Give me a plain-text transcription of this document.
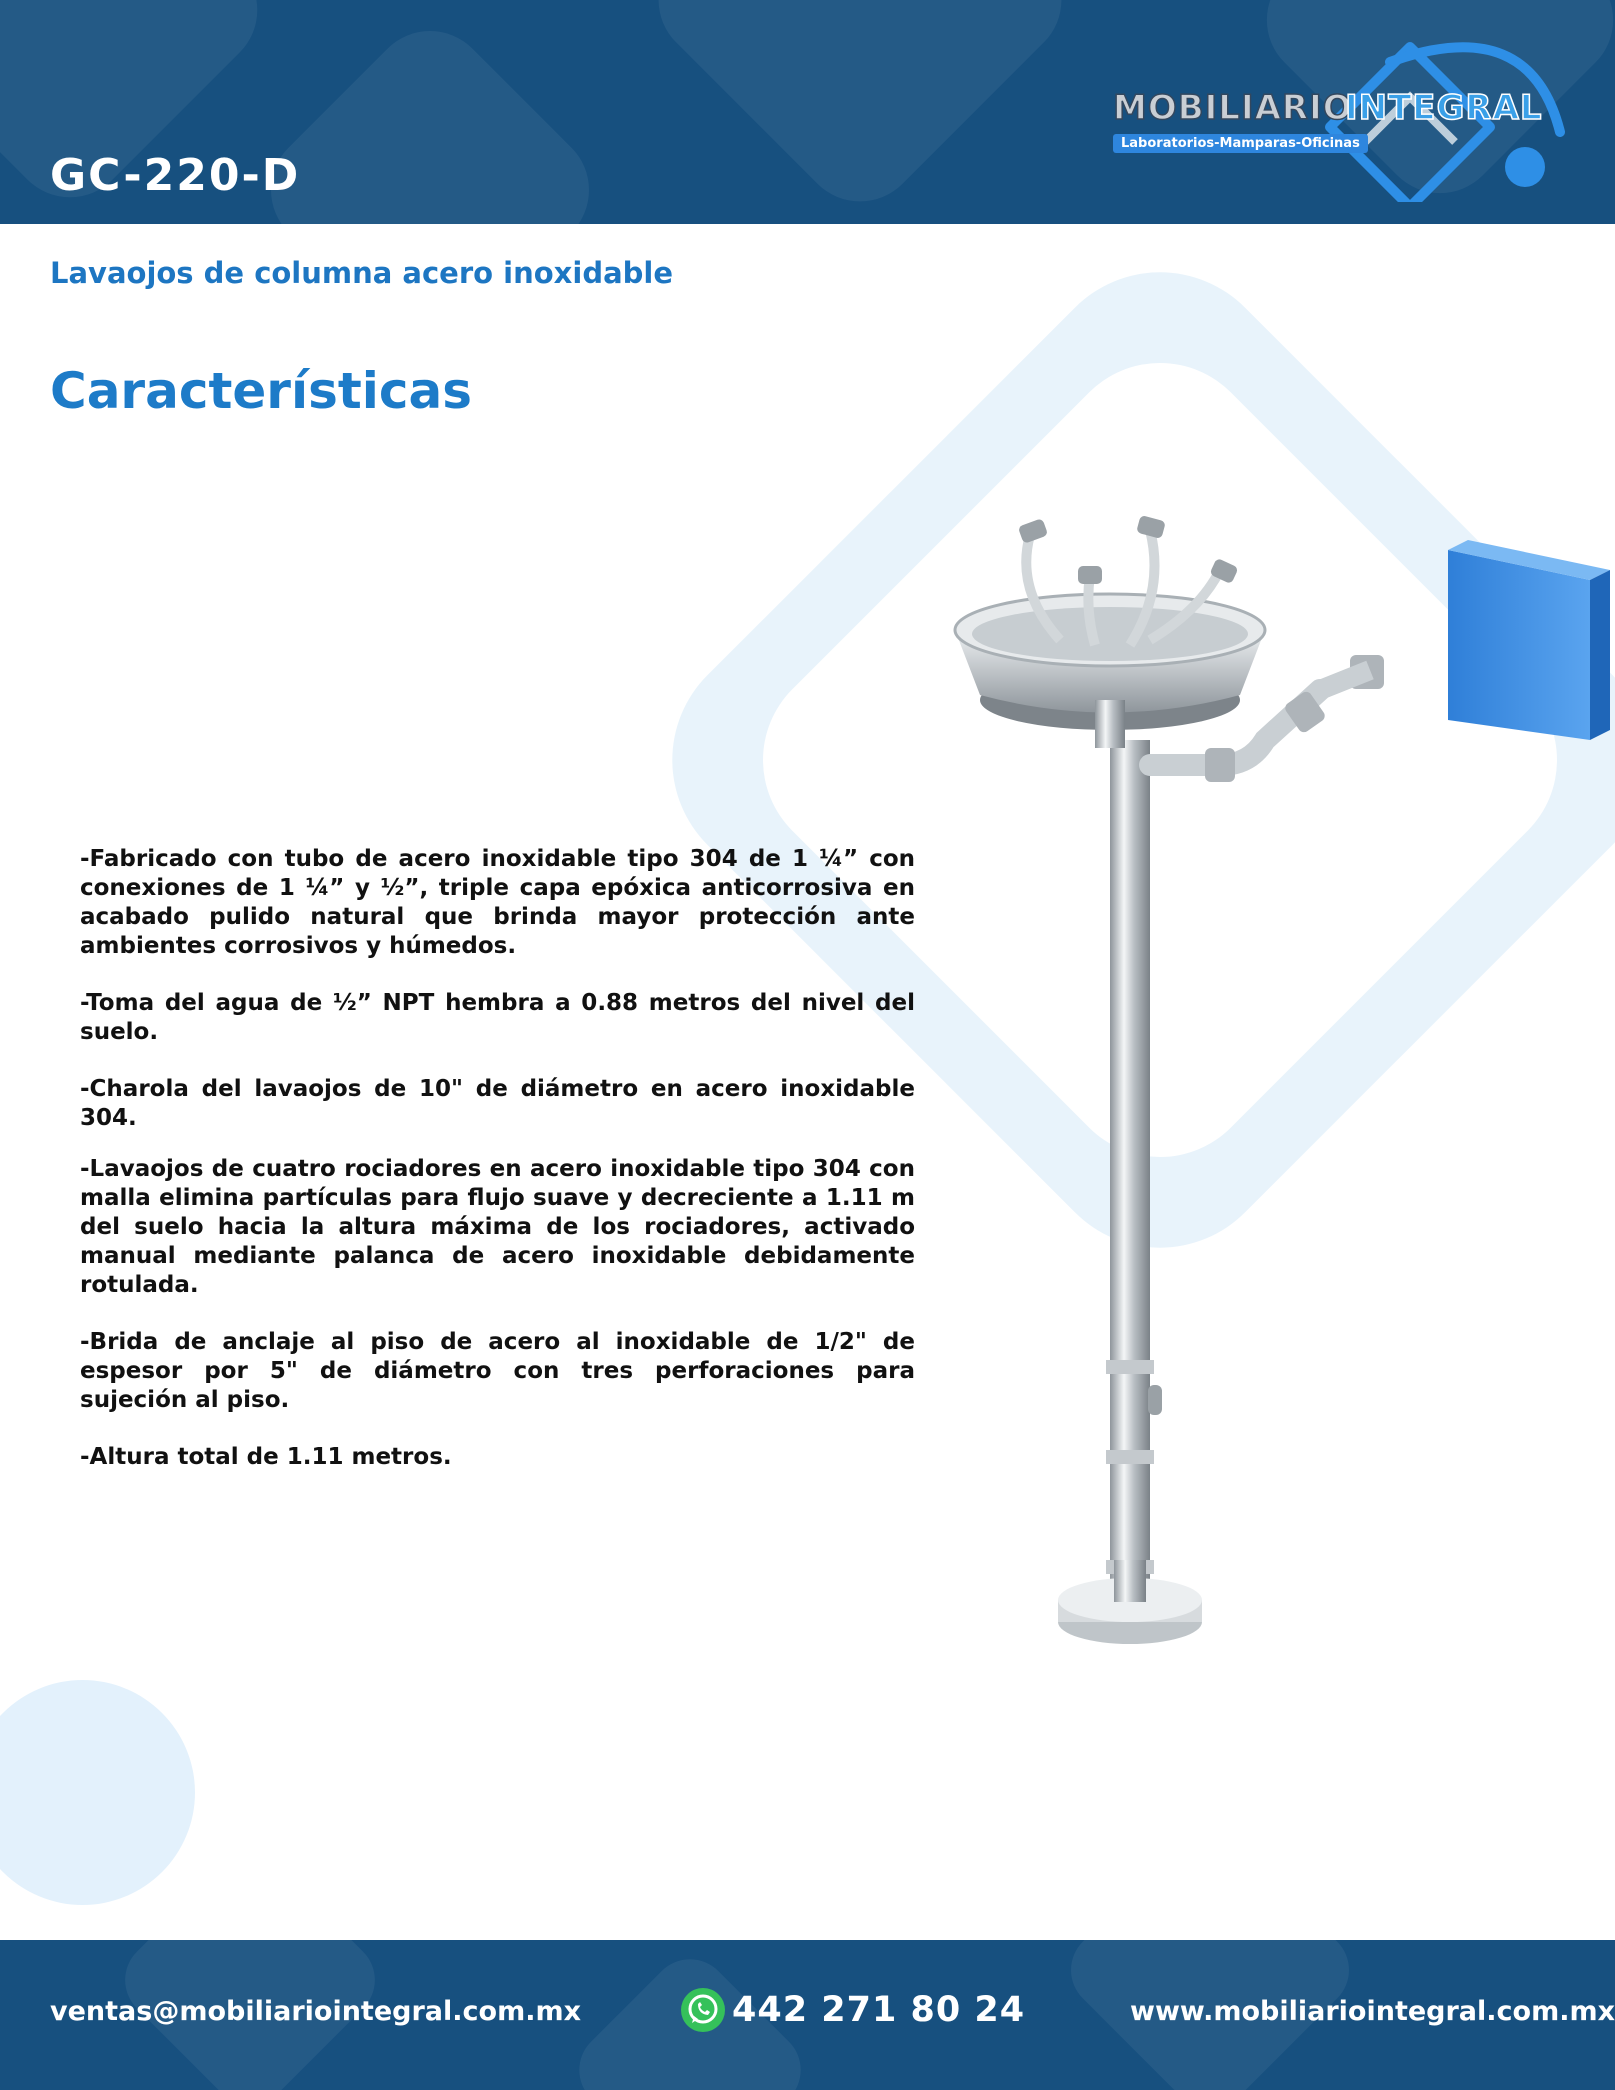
GC-220-D
MOBILIARIO
INTEGRAL
Laboratorios-Mamparas-Oficinas
Lavaojos de columna acero inoxidable
Características

-Fabricado con tubo de acero inoxidable tipo 304 de 1 ¼” con conexiones de 1 ¼” y ½”, triple capa epóxica anticorrosiva en acabado pulido natural que brinda mayor protección ante ambientes corrosivos y húmedos.

-Toma del agua de ½” NPT hembra a 0.88 metros del nivel del suelo.

-Charola del lavaojos de 10" de diámetro en acero inoxidable 304.

-Lavaojos de cuatro rociadores en acero inoxidable tipo 304 con malla elimina partículas para flujo suave y decreciente a 1.11 m del suelo hacia la altura máxima de los rociadores, activado manual mediante palanca de acero inoxidable debidamente rotulada.

-Brida de anclaje al piso de acero al inoxidable de 1/2" de espesor por 5" de diámetro con tres perforaciones para sujeción al piso.

-Altura total de 1.11 metros.

ventas@mobiliariointegral.com.mx	442 271 80 24	www.mobiliariointegral.com.mx
